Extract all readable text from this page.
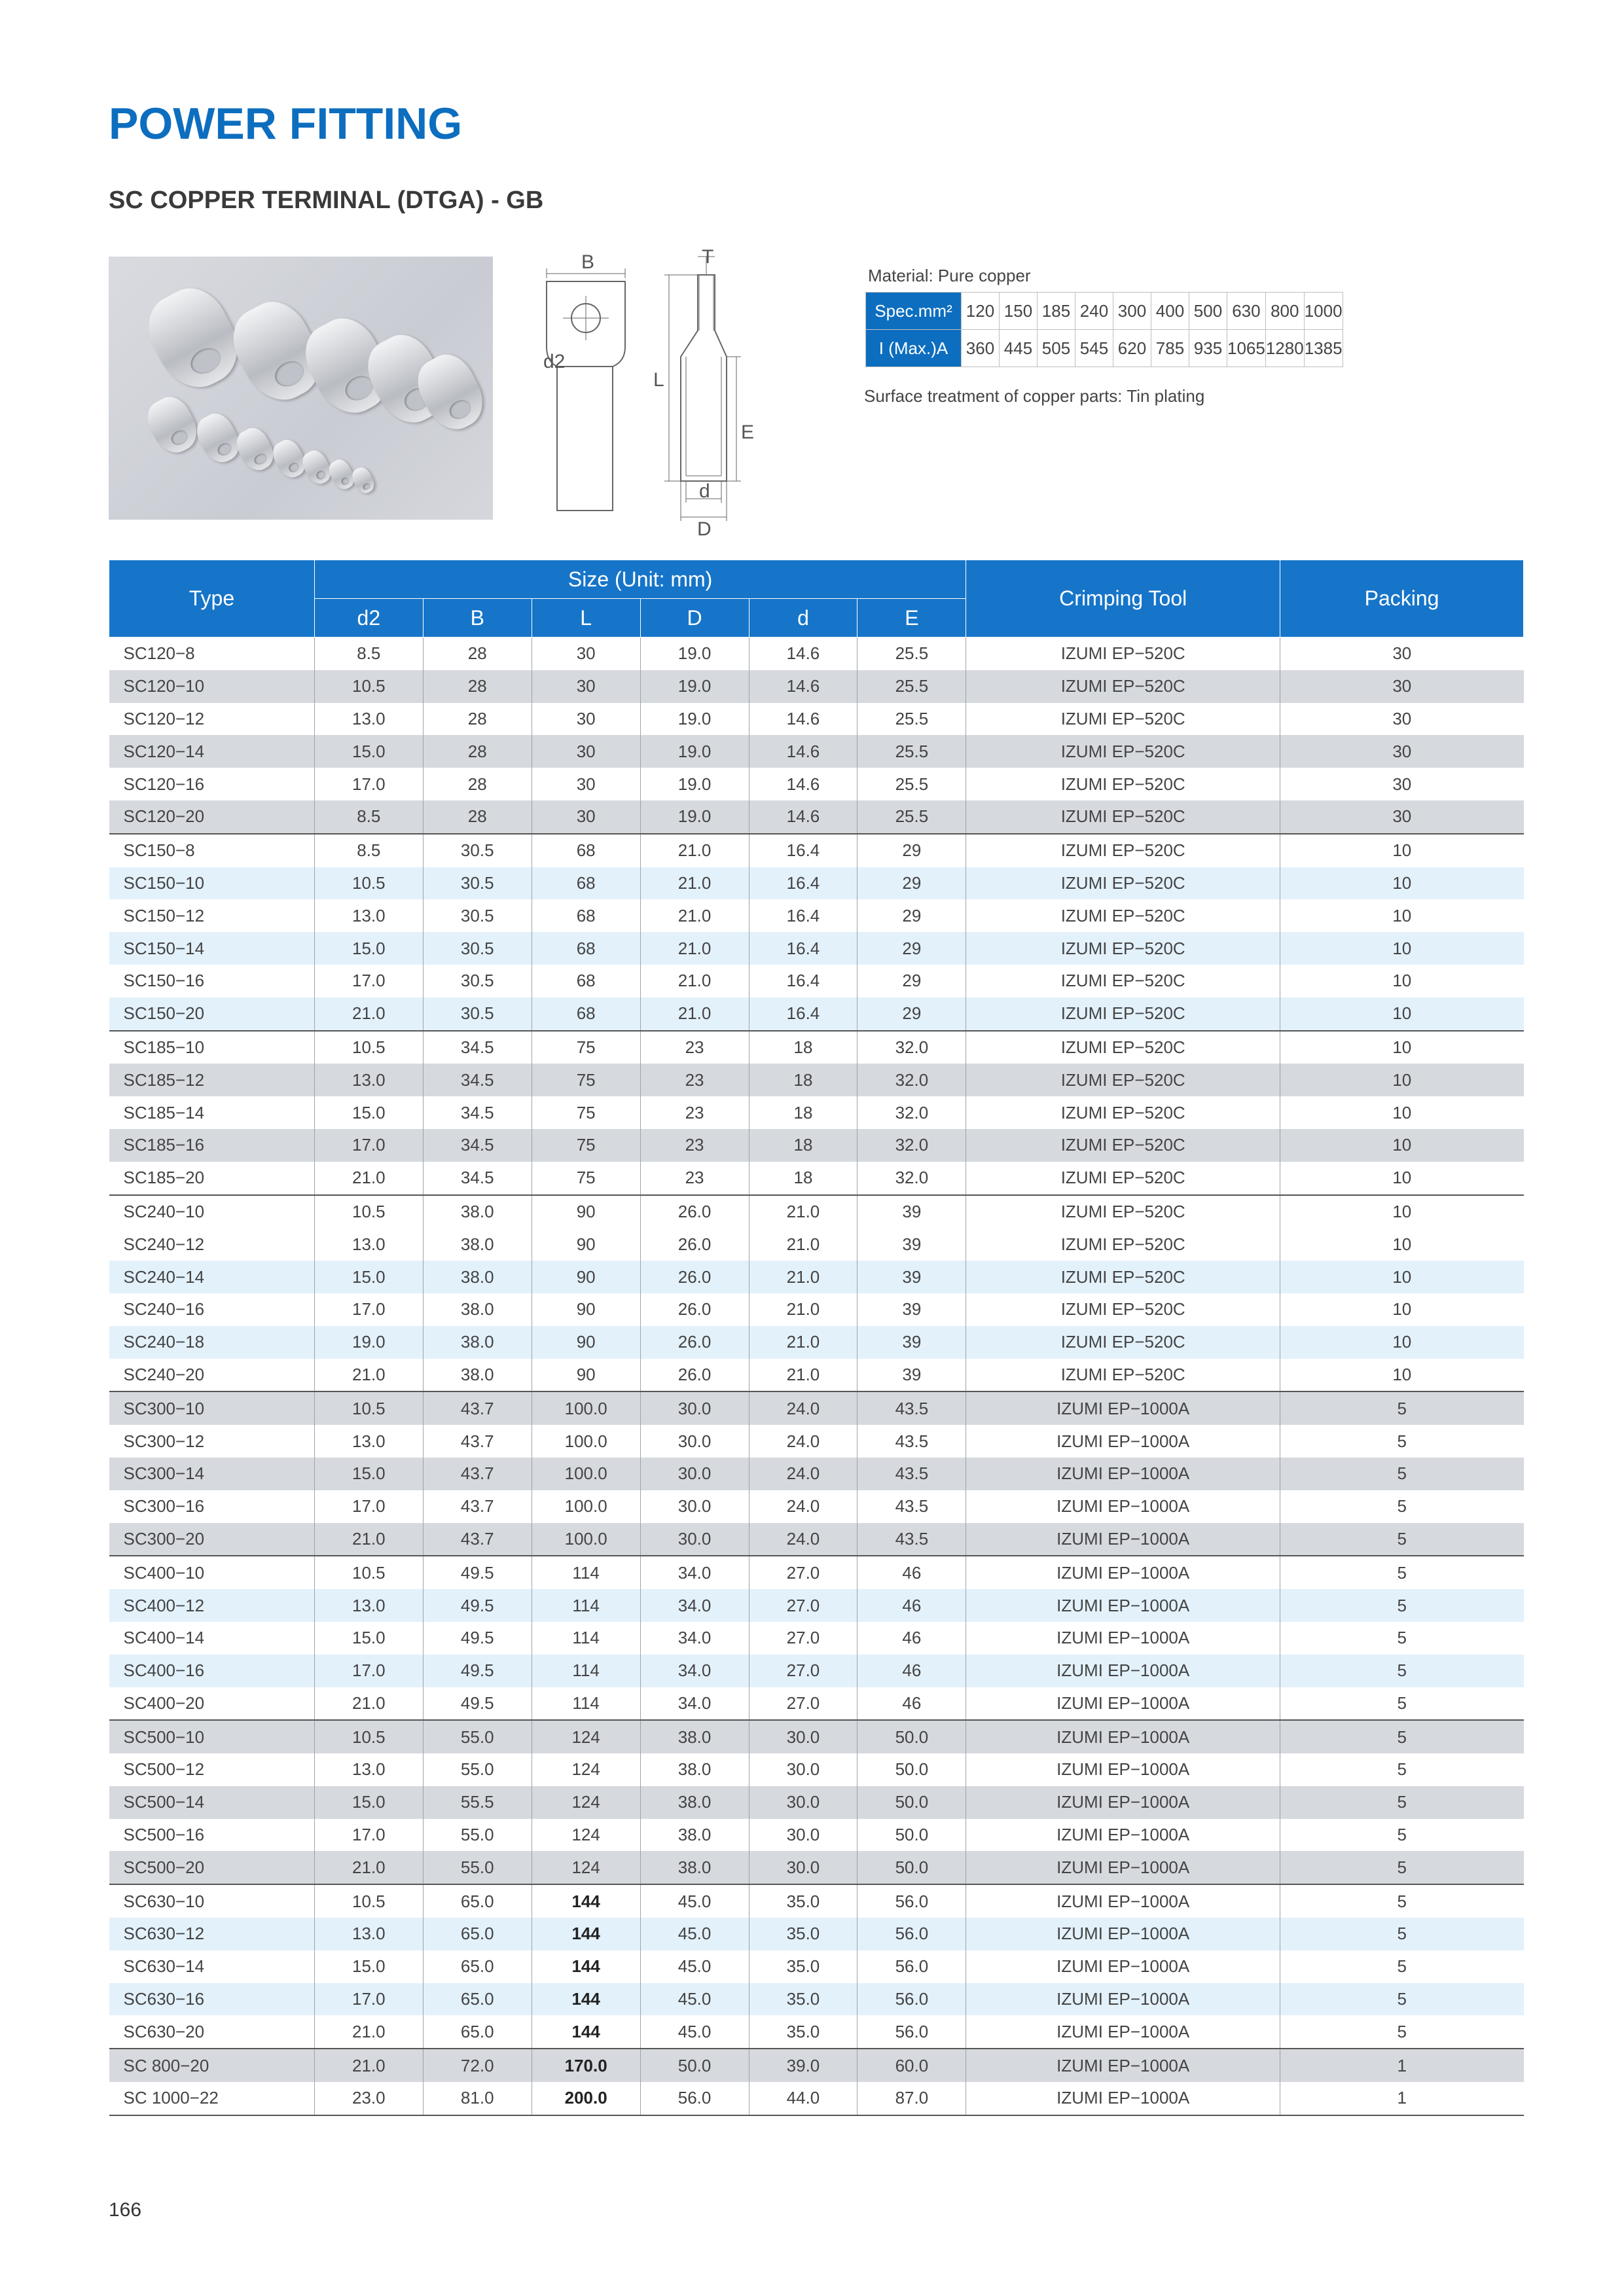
POWER FITTING
SC COPPER TERMINAL (DTGA) - GB
B
d2
L
T
E
d
D
Material: Pure copper
Spec.mm²	120	150	185	240	300	400	500	630	800	1000
I (Max.)A	360	445	505	545	620	785	935	1065	1280	1385
Surface treatment of copper parts: Tin plating
Type	Size (Unit: mm)						Crimping Tool	Packing
	d2	B	L	D	d	E		
SC120−8	8.5	28	30	19.0	14.6	25.5	IZUMI EP−520C	30
SC120−10	10.5	28	30	19.0	14.6	25.5	IZUMI EP−520C	30
SC120−12	13.0	28	30	19.0	14.6	25.5	IZUMI EP−520C	30
SC120−14	15.0	28	30	19.0	14.6	25.5	IZUMI EP−520C	30
SC120−16	17.0	28	30	19.0	14.6	25.5	IZUMI EP−520C	30
SC120−20	8.5	28	30	19.0	14.6	25.5	IZUMI EP−520C	30
SC150−8	8.5	30.5	68	21.0	16.4	29	IZUMI EP−520C	10
SC150−10	10.5	30.5	68	21.0	16.4	29	IZUMI EP−520C	10
SC150−12	13.0	30.5	68	21.0	16.4	29	IZUMI EP−520C	10
SC150−14	15.0	30.5	68	21.0	16.4	29	IZUMI EP−520C	10
SC150−16	17.0	30.5	68	21.0	16.4	29	IZUMI EP−520C	10
SC150−20	21.0	30.5	68	21.0	16.4	29	IZUMI EP−520C	10
SC185−10	10.5	34.5	75	23	18	32.0	IZUMI EP−520C	10
SC185−12	13.0	34.5	75	23	18	32.0	IZUMI EP−520C	10
SC185−14	15.0	34.5	75	23	18	32.0	IZUMI EP−520C	10
SC185−16	17.0	34.5	75	23	18	32.0	IZUMI EP−520C	10
SC185−20	21.0	34.5	75	23	18	32.0	IZUMI EP−520C	10
SC240−10	10.5	38.0	90	26.0	21.0	39	IZUMI EP−520C	10
SC240−12	13.0	38.0	90	26.0	21.0	39	IZUMI EP−520C	10
SC240−14	15.0	38.0	90	26.0	21.0	39	IZUMI EP−520C	10
SC240−16	17.0	38.0	90	26.0	21.0	39	IZUMI EP−520C	10
SC240−18	19.0	38.0	90	26.0	21.0	39	IZUMI EP−520C	10
SC240−20	21.0	38.0	90	26.0	21.0	39	IZUMI EP−520C	10
SC300−10	10.5	43.7	100.0	30.0	24.0	43.5	IZUMI EP−1000A	5
SC300−12	13.0	43.7	100.0	30.0	24.0	43.5	IZUMI EP−1000A	5
SC300−14	15.0	43.7	100.0	30.0	24.0	43.5	IZUMI EP−1000A	5
SC300−16	17.0	43.7	100.0	30.0	24.0	43.5	IZUMI EP−1000A	5
SC300−20	21.0	43.7	100.0	30.0	24.0	43.5	IZUMI EP−1000A	5
SC400−10	10.5	49.5	114	34.0	27.0	46	IZUMI EP−1000A	5
SC400−12	13.0	49.5	114	34.0	27.0	46	IZUMI EP−1000A	5
SC400−14	15.0	49.5	114	34.0	27.0	46	IZUMI EP−1000A	5
SC400−16	17.0	49.5	114	34.0	27.0	46	IZUMI EP−1000A	5
SC400−20	21.0	49.5	114	34.0	27.0	46	IZUMI EP−1000A	5
SC500−10	10.5	55.0	124	38.0	30.0	50.0	IZUMI EP−1000A	5
SC500−12	13.0	55.0	124	38.0	30.0	50.0	IZUMI EP−1000A	5
SC500−14	15.0	55.5	124	38.0	30.0	50.0	IZUMI EP−1000A	5
SC500−16	17.0	55.0	124	38.0	30.0	50.0	IZUMI EP−1000A	5
SC500−20	21.0	55.0	124	38.0	30.0	50.0	IZUMI EP−1000A	5
SC630−10	10.5	65.0	144	45.0	35.0	56.0	IZUMI EP−1000A	5
SC630−12	13.0	65.0	144	45.0	35.0	56.0	IZUMI EP−1000A	5
SC630−14	15.0	65.0	144	45.0	35.0	56.0	IZUMI EP−1000A	5
SC630−16	17.0	65.0	144	45.0	35.0	56.0	IZUMI EP−1000A	5
SC630−20	21.0	65.0	144	45.0	35.0	56.0	IZUMI EP−1000A	5
SC 800−20	21.0	72.0	170.0	50.0	39.0	60.0	IZUMI EP−1000A	1
SC 1000−22	23.0	81.0	200.0	56.0	44.0	87.0	IZUMI EP−1000A	1
166
